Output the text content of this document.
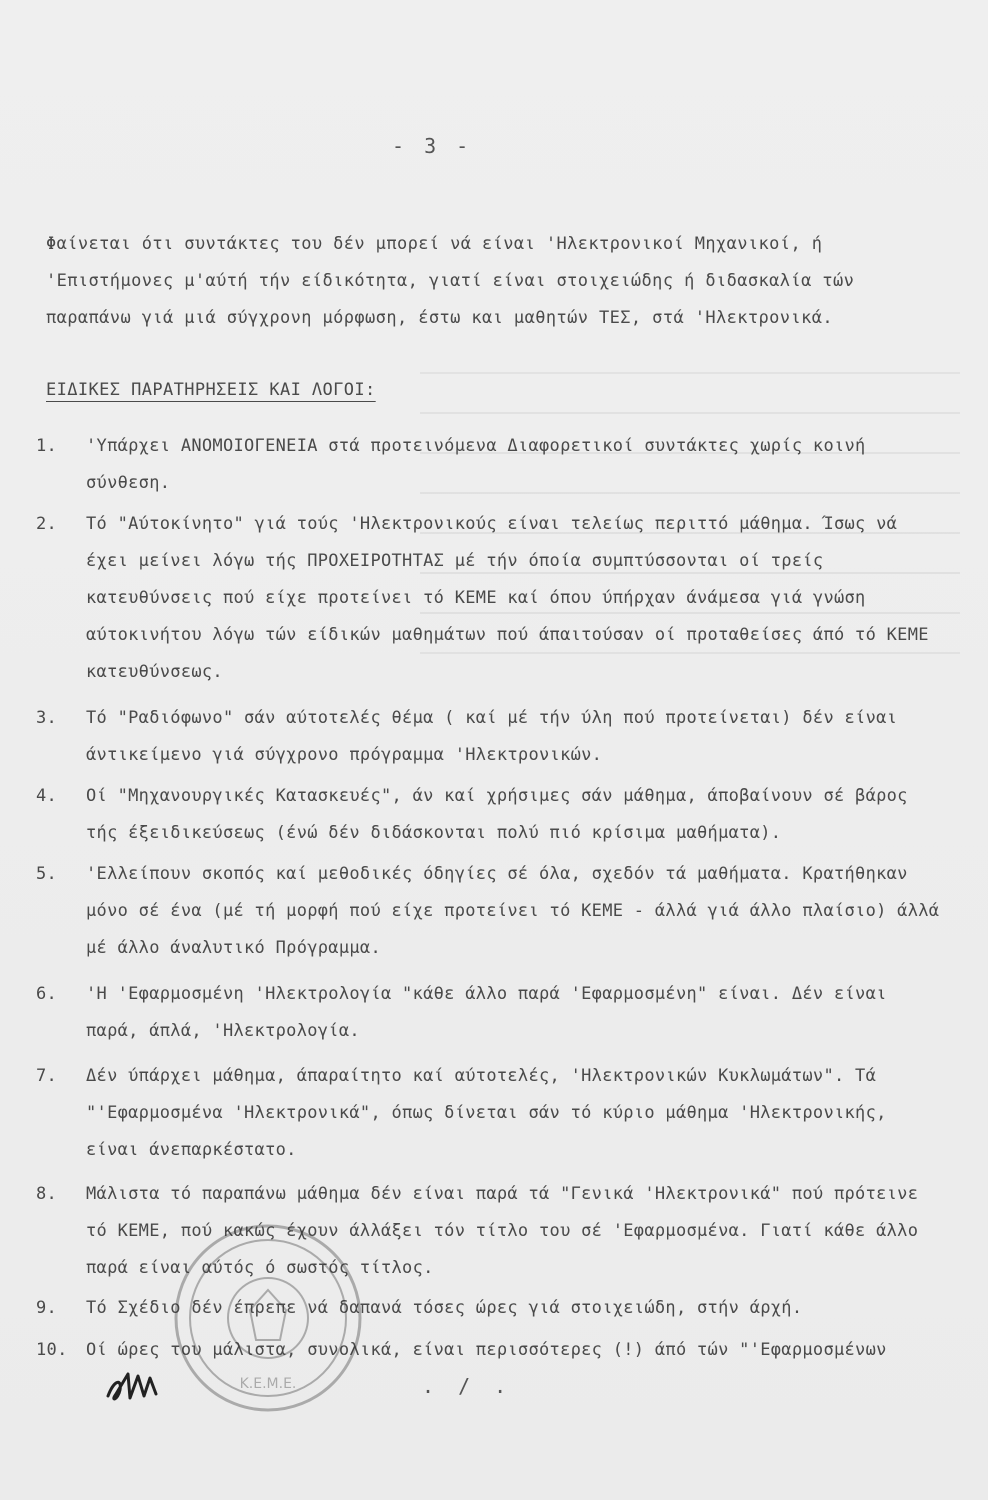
- 3 -
Φαίνεται ότι συντάκτες του δέν μπορεί νά είναι 'Ηλεκτρονικοί Μηχανικοί, ή 'Επιστήμονες μ'αύτή τήν είδικότητα, γιατί είναι στοιχειώδης ή διδασκαλία τών παραπάνω γιά μιά σύγχρονη μόρφωση, έστω και μαθητών ΤΕΣ, στά 'Ηλεκτρονικά.
ΕΙΔΙΚΕΣ ΠΑΡΑΤΗΡΗΣΕΙΣ ΚΑΙ ΛΟΓΟΙ:
1.	'Υπάρχει ΑΝΟΜΟΙΟΓΕΝΕΙΑ στά προτεινόμενα Διαφορετικοί συντάκτες χωρίς κοινή σύνθεση.
2.	Τό "Αύτοκίνητο" γιά τούς 'Ηλεκτρονικούς είναι τελείως περιττό μάθημα. Ίσως νά έχει μείνει λόγω τής ΠΡΟΧΕΙΡΟΤΗΤΑΣ μέ τήν όποία συμπτύσσονται οί τρείς κατευθύνσεις πού είχε προτείνει τό ΚΕΜΕ καί όπου ύπήρχαν άνάμεσα γιά γνώση αύτοκινήτου λόγω τών είδικών μαθημάτων πού άπαιτούσαν οί προταθείσες άπό τό ΚΕΜΕ κατευθύνσεως.
3.	Τό "Ραδιόφωνο" σάν αύτοτελές θέμα ( καί μέ τήν ύλη πού προτείνεται) δέν είναι άντικείμενο γιά σύγχρονο πρόγραμμα 'Ηλεκτρονικών.
4.	Οί "Μηχανουργικές Κατασκευές", άν καί χρήσιμες σάν μάθημα, άποβαίνουν σέ βάρος τής έξειδικεύσεως (ένώ δέν διδάσκονται πολύ πιό κρίσιμα μαθήματα).
5.	'Ελλείπουν σκοπός καί μεθοδικές όδηγίες σέ όλα, σχεδόν τά μαθήματα. Κρατήθηκαν μόνο σέ ένα (μέ τή μορφή πού είχε προτείνει τό ΚΕΜΕ - άλλά γιά άλλο πλαίσιο) άλλά μέ άλλο άναλυτικό Πρόγραμμα.
6.	'Η 'Εφαρμοσμένη 'Ηλεκτρολογία "κάθε άλλο παρά 'Εφαρμοσμένη" είναι. Δέν είναι παρά, άπλά, 'Ηλεκτρολογία.
7.	Δέν ύπάρχει μάθημα, άπαραίτητο καί αύτοτελές, 'Ηλεκτρονικών Κυκλωμάτων". Τά "'Εφαρμοσμένα 'Ηλεκτρονικά", όπως δίνεται σάν τό κύριο μάθημα 'Ηλεκτρονικής, είναι άνεπαρκέστατο.
8.	Μάλιστα τό παραπάνω μάθημα δέν είναι παρά τά "Γενικά 'Ηλεκτρονικά" πού πρότεινε τό ΚΕΜΕ, πού κακώς έχουν άλλάξει τόν τίτλο του σέ 'Εφαρμοσμένα. Γιατί κάθε άλλο παρά είναι αύτός ό σωστός τίτλος.
9.	Τό Σχέδιο δέν έπρεπε νά δαπανά τόσες ώρες γιά στοιχειώδη, στήν άρχή.
10.	Οί ώρες του μάλιστα, συνολικά, είναι περισσότερες (!) άπό τών "'Εφαρμοσμένων
. / .
Κ.Ε.Μ.Ε.
